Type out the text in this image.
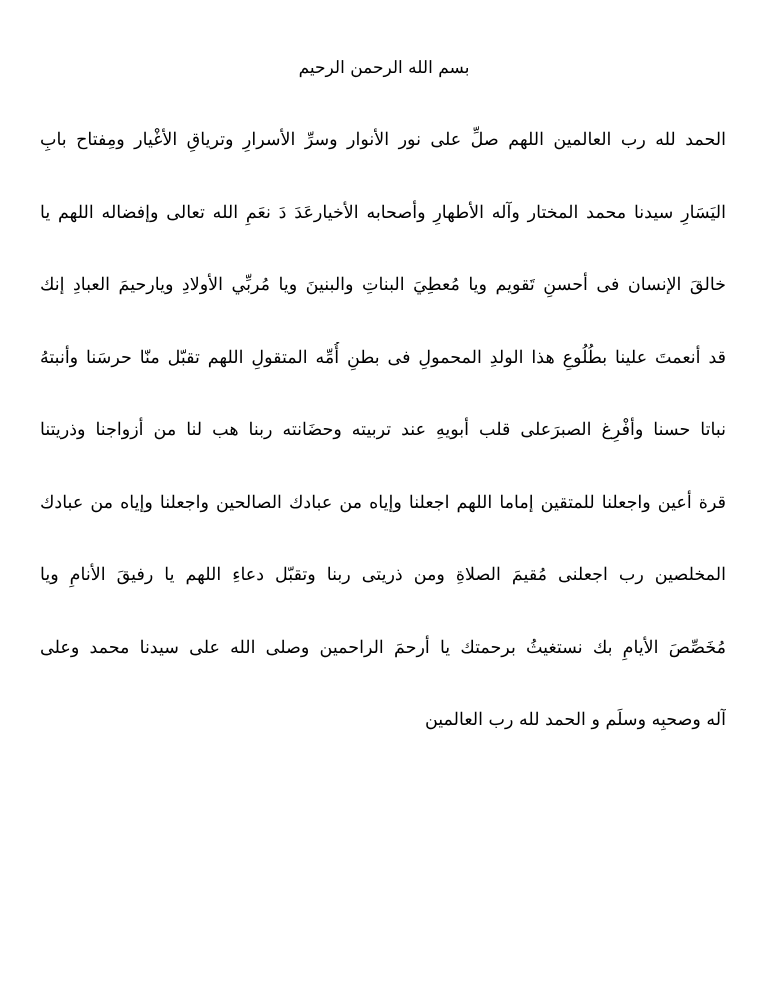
بسم الله الرحمن الرحيم
الحمد لله رب العالمين اللهم صلِّ على نور الأنوار وسرِّ الأسرارِ وترياقِ الأغْيار ومِفتاح بابِ
اليَسَارِ سيدنا محمد المختار وآله الأطهارِ وأصحابه الأخيارعَدَ دَ نعَمِ الله تعالى وإفضاله اللهم يا
خالقَ الإنسان فى أحسنِ تَقويم ويا مُعطِيَ البناتِ والبنينَ ويا مُربِّي الأولادِ ويارحيمَ العبادِ إنك
قد أنعمتَ علينا بطُلُوعِ هذا الولدِ المحمولِ فى بطنِ أُمِّه المتقولِ اللهم تقبّل منّا حرسَنا وأنبتهُ
نباتا حسنا وأفْرِغ الصبرَعلى قلب أبويهِ عند تربيته وحضَانته ربنا هب لنا من أزواجنا وذريتنا
قرة أعين واجعلنا للمتقين إماما اللهم اجعلنا وإياه من عبادك الصالحين واجعلنا وإياه من عبادك
المخلصين رب اجعلنى مُقيمَ الصلاةِ ومن ذريتى ربنا وتقبّل دعاءِ اللهم يا رفيقَ الأنامِ ويا
مُخَصِّصَ الأيامِ بك نستغيثُ برحمتك يا أرحمَ الراحمين وصلى الله على سيدنا محمد وعلى
آله وصحبِه وسلَم و الحمد لله رب العالمين
